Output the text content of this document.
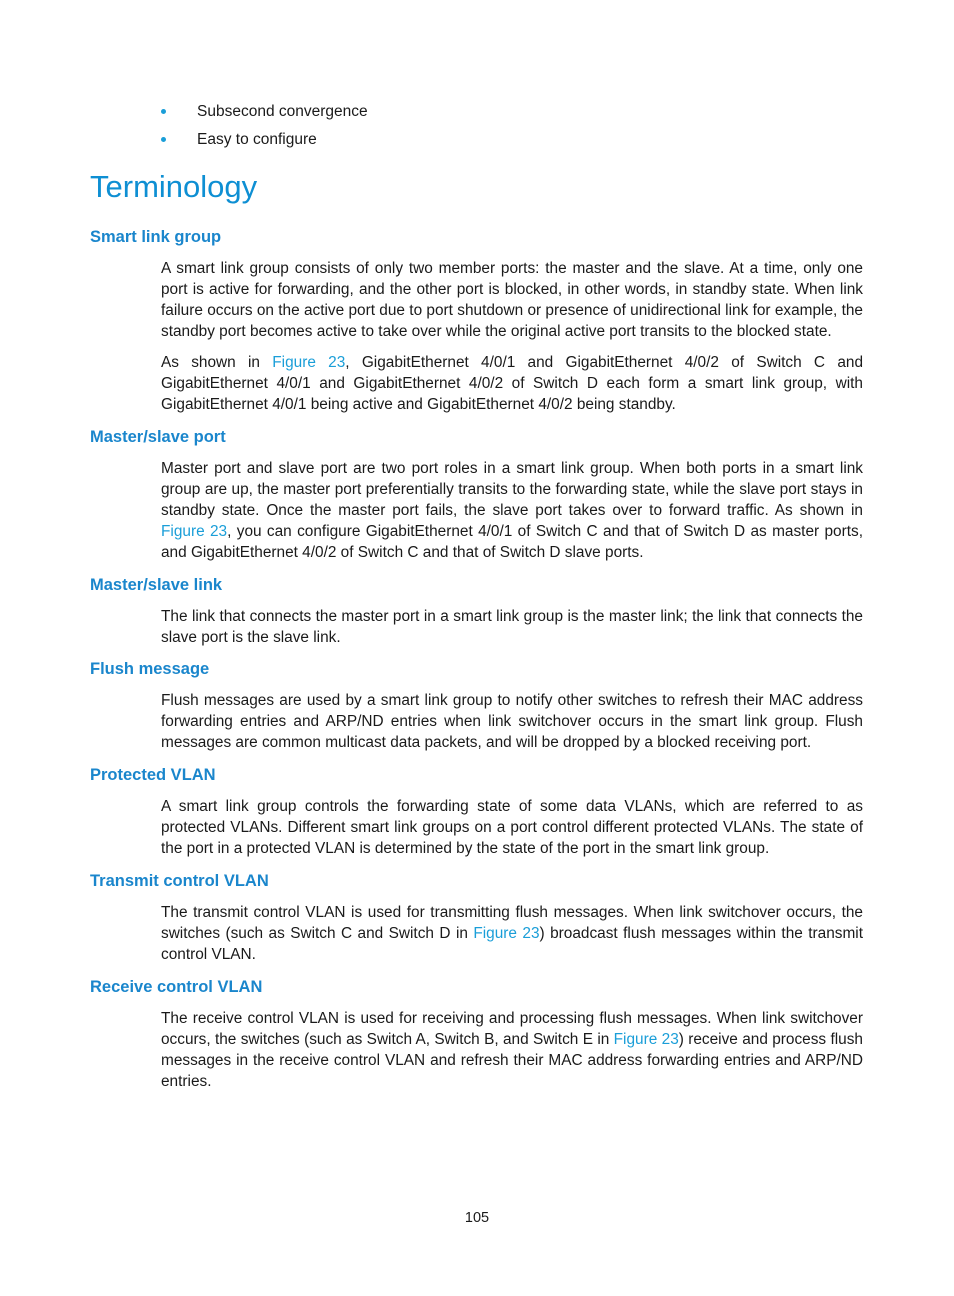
Subsecond convergence
Easy to configure
Terminology
Smart link group

A smart link group consists of only two member ports: the master and the slave. At a time, only one port is active for forwarding, and the other port is blocked, in other words, in standby state. When link failure occurs on the active port due to port shutdown or presence of unidirectional link for example, the standby port becomes active to take over while the original active port transits to the blocked state.

As shown in Figure 23, GigabitEthernet 4/0/1 and GigabitEthernet 4/0/2 of Switch C and GigabitEthernet 4/0/1 and GigabitEthernet 4/0/2 of Switch D each form a smart link group, with GigabitEthernet 4/0/1 being active and GigabitEthernet 4/0/2 being standby.

Master/slave port

Master port and slave port are two port roles in a smart link group. When both ports in a smart link group are up, the master port preferentially transits to the forwarding state, while the slave port stays in standby state. Once the master port fails, the slave port takes over to forward traffic. As shown in Figure 23, you can configure GigabitEthernet 4/0/1 of Switch C and that of Switch D as master ports, and GigabitEthernet 4/0/2 of Switch C and that of Switch D slave ports.

Master/slave link

The link that connects the master port in a smart link group is the master link; the link that connects the slave port is the slave link.

Flush message

Flush messages are used by a smart link group to notify other switches to refresh their MAC address forwarding entries and ARP/ND entries when link switchover occurs in the smart link group. Flush messages are common multicast data packets, and will be dropped by a blocked receiving port.

Protected VLAN

A smart link group controls the forwarding state of some data VLANs, which are referred to as protected VLANs. Different smart link groups on a port control different protected VLANs. The state of the port in a protected VLAN is determined by the state of the port in the smart link group.

Transmit control VLAN

The transmit control VLAN is used for transmitting flush messages. When link switchover occurs, the switches (such as Switch C and Switch D in Figure 23) broadcast flush messages within the transmit control VLAN.

Receive control VLAN

The receive control VLAN is used for receiving and processing flush messages. When link switchover occurs, the switches (such as Switch A, Switch B, and Switch E in Figure 23) receive and process flush messages in the receive control VLAN and refresh their MAC address forwarding entries and ARP/ND entries.

105
